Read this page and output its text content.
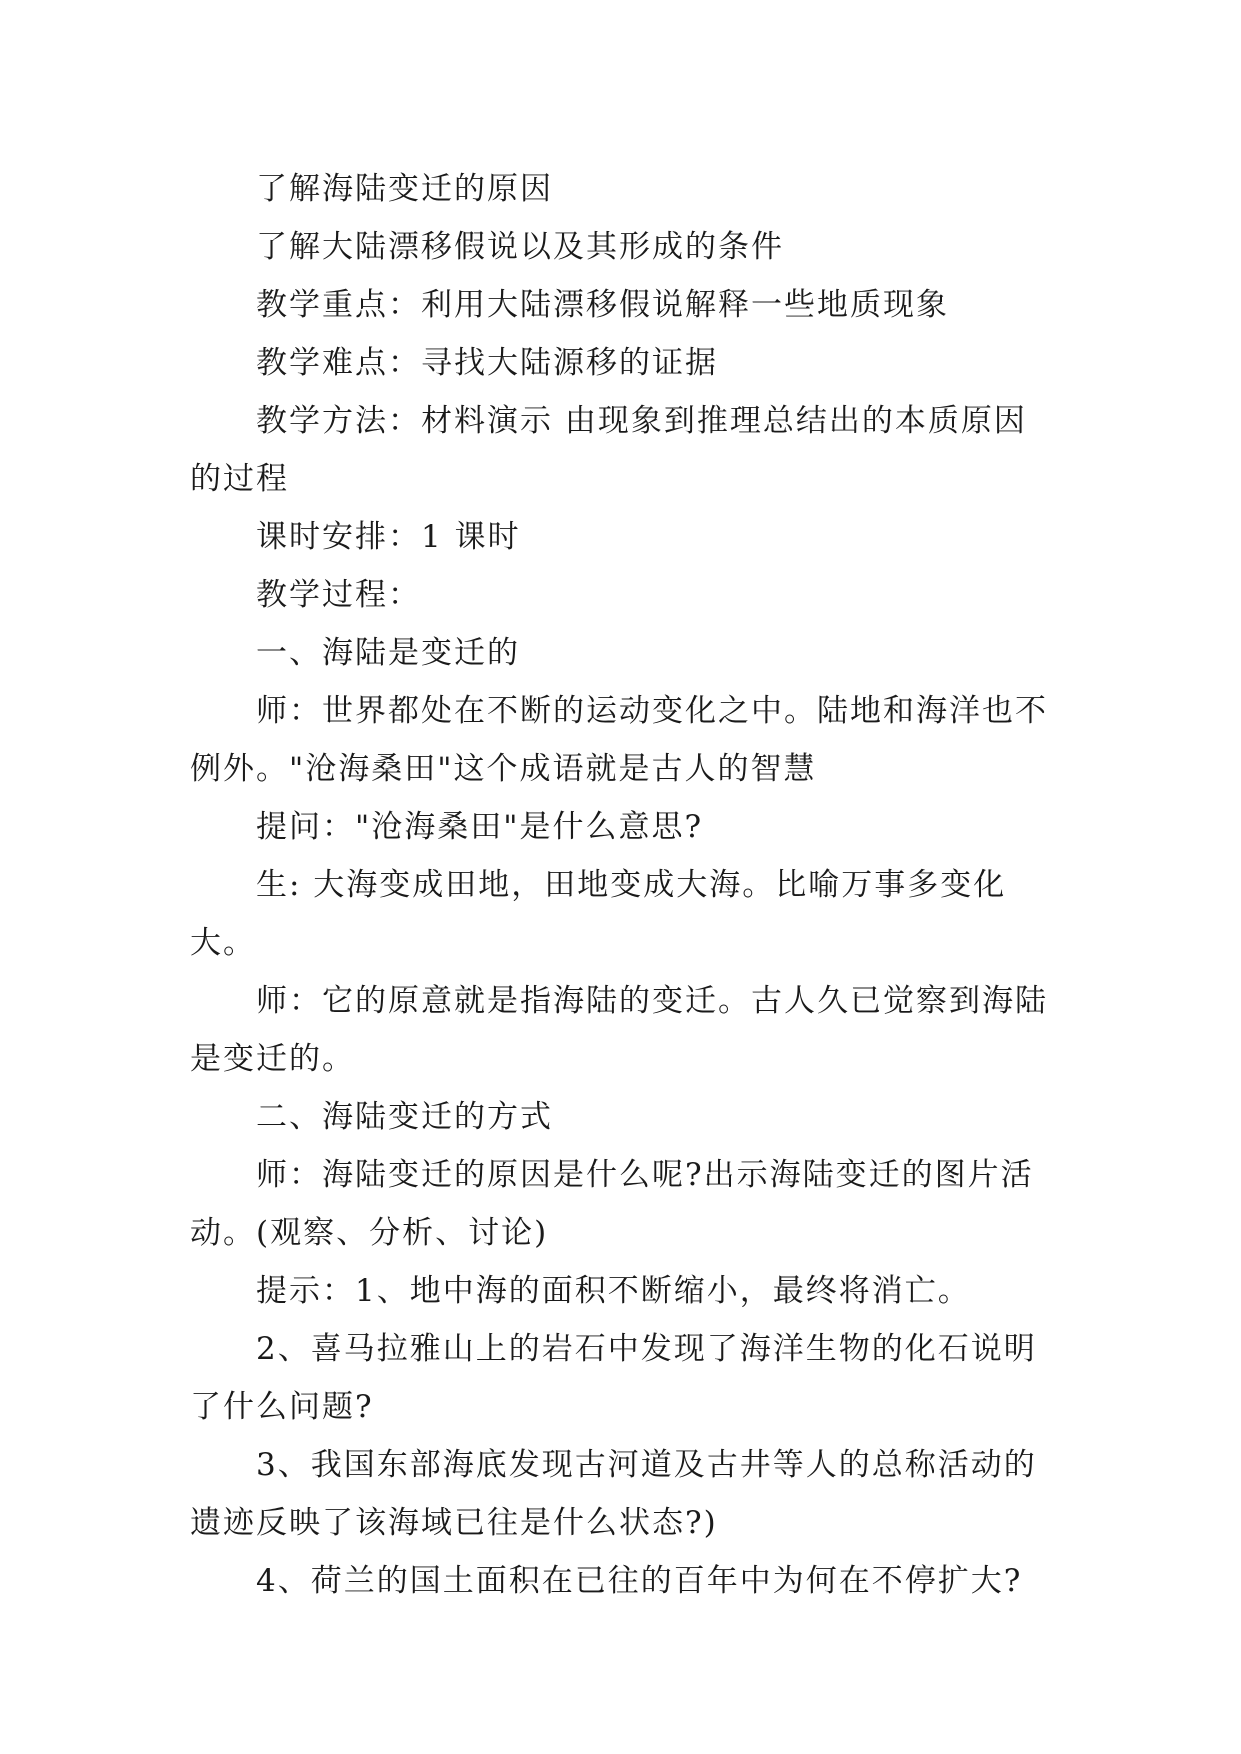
了解海陆变迁的原因

了解大陆漂移假说以及其形成的条件

教学重点：利用大陆漂移假说解释一些地质现象

教学难点：寻找大陆源移的证据

教学方法：材料演示 由现象到推理总结出的本质原因的过程

课时安排：1 课时

教学过程：

一、海陆是变迁的

师：世界都处在不断的运动变化之中。陆地和海洋也不例外。"沧海桑田"这个成语就是古人的智慧

提问："沧海桑田"是什么意思?

生: 大海变成田地，田地变成大海。比喻万事多变化大。

师：它的原意就是指海陆的变迁。古人久已觉察到海陆是变迁的。

二、海陆变迁的方式

师：海陆变迁的原因是什么呢?出示海陆变迁的图片活动。(观察、分析、讨论)

提示：1、地中海的面积不断缩小，最终将消亡。

2、喜马拉雅山上的岩石中发现了海洋生物的化石说明了什么问题?

3、我国东部海底发现古河道及古井等人的总称活动的遗迹反映了该海域已往是什么状态?)

4、荷兰的国土面积在已往的百年中为何在不停扩大?
